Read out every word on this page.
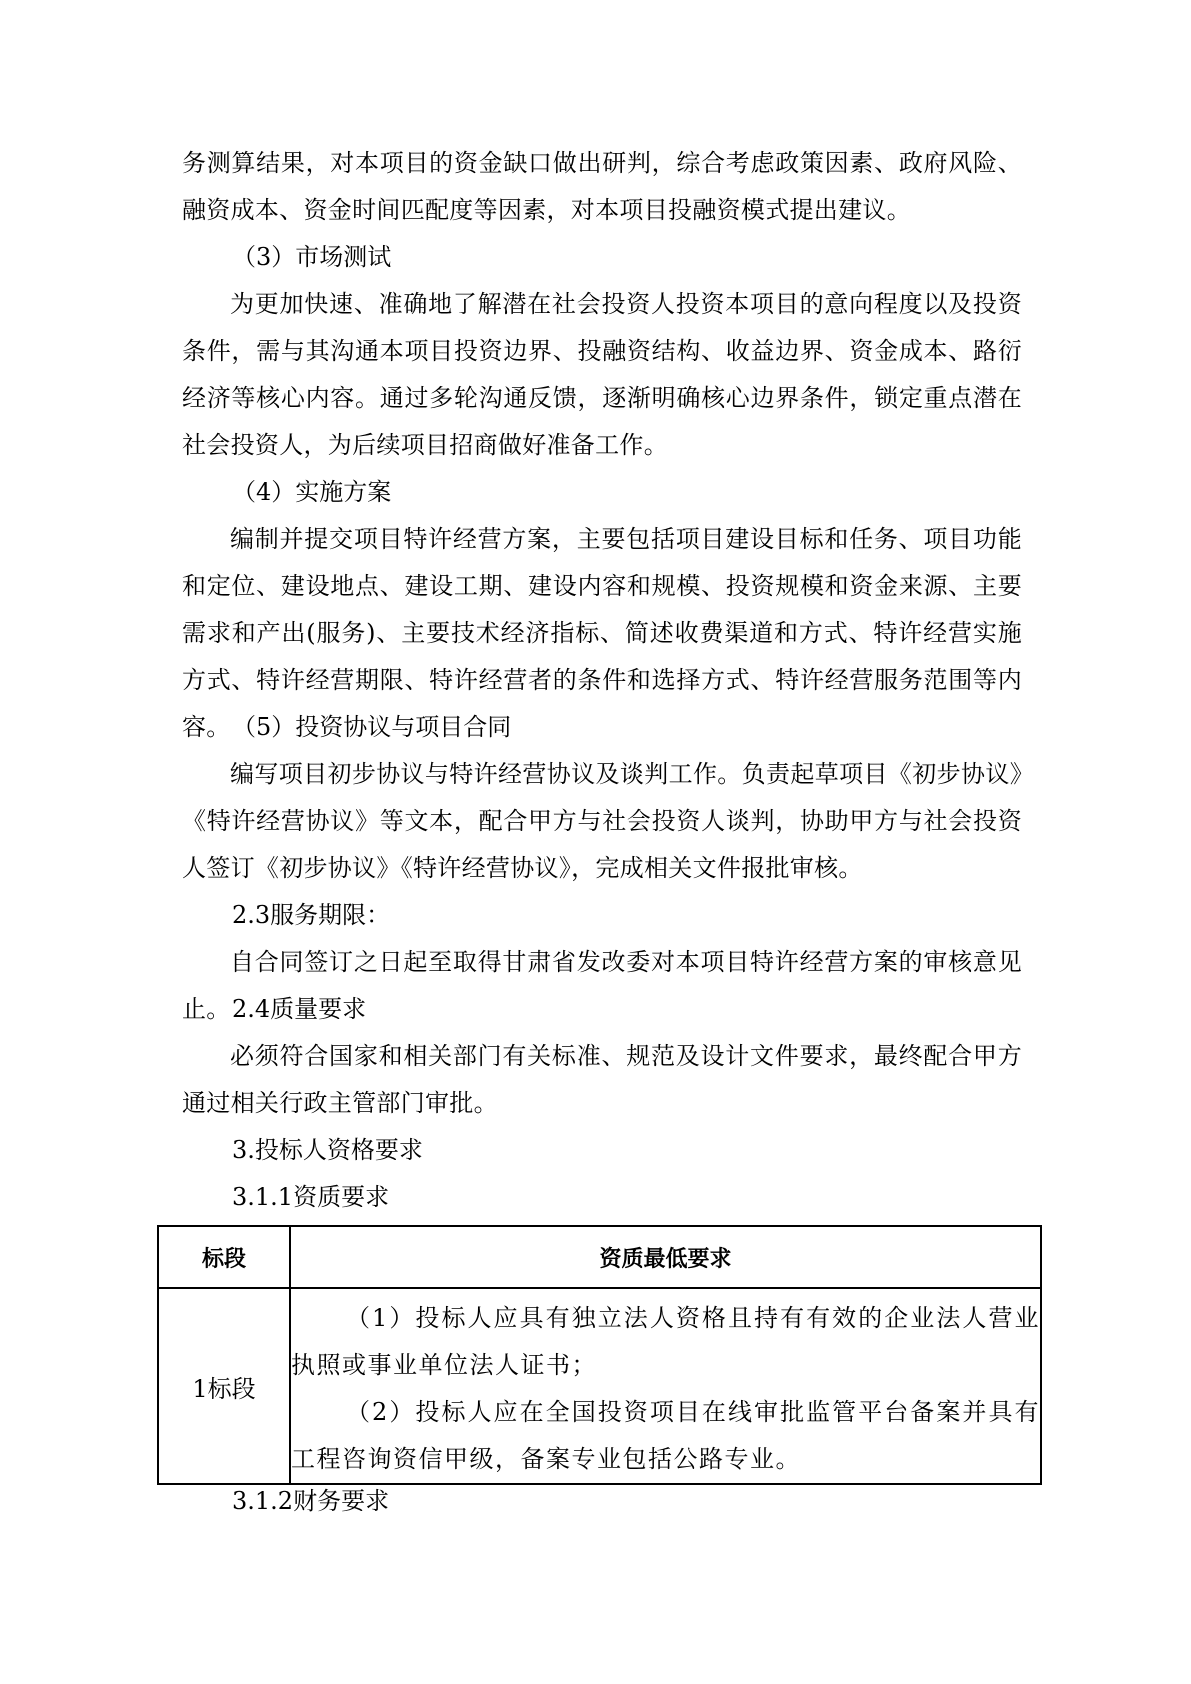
务测算结果，对本项目的资金缺口做出研判，综合考虑政策因素、政府风险、融资成本、资金时间匹配度等因素，对本项目投融资模式提出建议。

（3）市场测试

为更加快速、准确地了解潜在社会投资人投资本项目的意向程度以及投资条件，需与其沟通本项目投资边界、投融资结构、收益边界、资金成本、路衍经济等核心内容。通过多轮沟通反馈，逐渐明确核心边界条件，锁定重点潜在社会投资人，为后续项目招商做好准备工作。

（4）实施方案

编制并提交项目特许经营方案，主要包括项目建设目标和任务、项目功能和定位、建设地点、建设工期、建设内容和规模、投资规模和资金来源、主要需求和产出(服务)、主要技术经济指标、简述收费渠道和方式、特许经营实施方式、特许经营期限、特许经营者的条件和选择方式、特许经营服务范围等内容。 （5）投资协议与项目合同

编写项目初步协议与特许经营协议及谈判工作。负责起草项目《初步协议》《特许经营协议》等文本，配合甲方与社会投资人谈判，协助甲方与社会投资人签订《初步协议》《特许经营协议》，完成相关文件报批审核。

2.3服务期限：

自合同签订之日起至取得甘肃省发改委对本项目特许经营方案的审核意见止。 2.4质量要求

必须符合国家和相关部门有关标准、规范及设计文件要求，最终配合甲方通过相关行政主管部门审批。

3.投标人资格要求

3.1.1资质要求

标段	资质最低要求
1标段	（1）投标人应具有独立法人资格且持有有效的企业法人营业执照或事业单位法人证书；

（2）投标人应在全国投资项目在线审批监管平台备案并具有工程咨询资信甲级，备案专业包括公路专业。

3.1.2财务要求
